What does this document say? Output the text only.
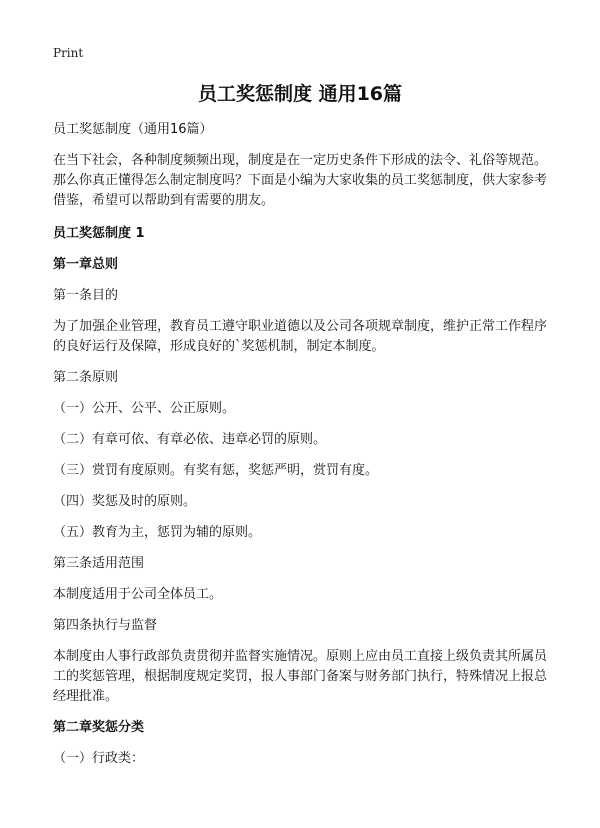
Print
员工奖惩制度 通用16篇

员工奖惩制度（通用16篇）

在当下社会，各种制度频频出现，制度是在一定历史条件下形成的法令、礼俗等规范。那么你真正懂得怎么制定制度吗？下面是小编为大家收集的员工奖惩制度，供大家参考借鉴，希望可以帮助到有需要的朋友。

员工奖惩制度 1

第一章总则

第一条目的

为了加强企业管理，教育员工遵守职业道德以及公司各项规章制度，维护正常工作程序的良好运行及保障，形成良好的`奖惩机制，制定本制度。

第二条原则

（一）公开、公平、公正原则。

（二）有章可依、有章必依、违章必罚的原则。

（三）赏罚有度原则。有奖有惩，奖惩严明，赏罚有度。

（四）奖惩及时的原则。

（五）教育为主，惩罚为辅的原则。

第三条适用范围

本制度适用于公司全体员工。

第四条执行与监督

本制度由人事行政部负责贯彻并监督实施情况。原则上应由员工直接上级负责其所属员工的奖惩管理，根据制度规定奖罚，报人事部门备案与财务部门执行，特殊情况上报总经理批准。

第二章奖惩分类

（一）行政类：
